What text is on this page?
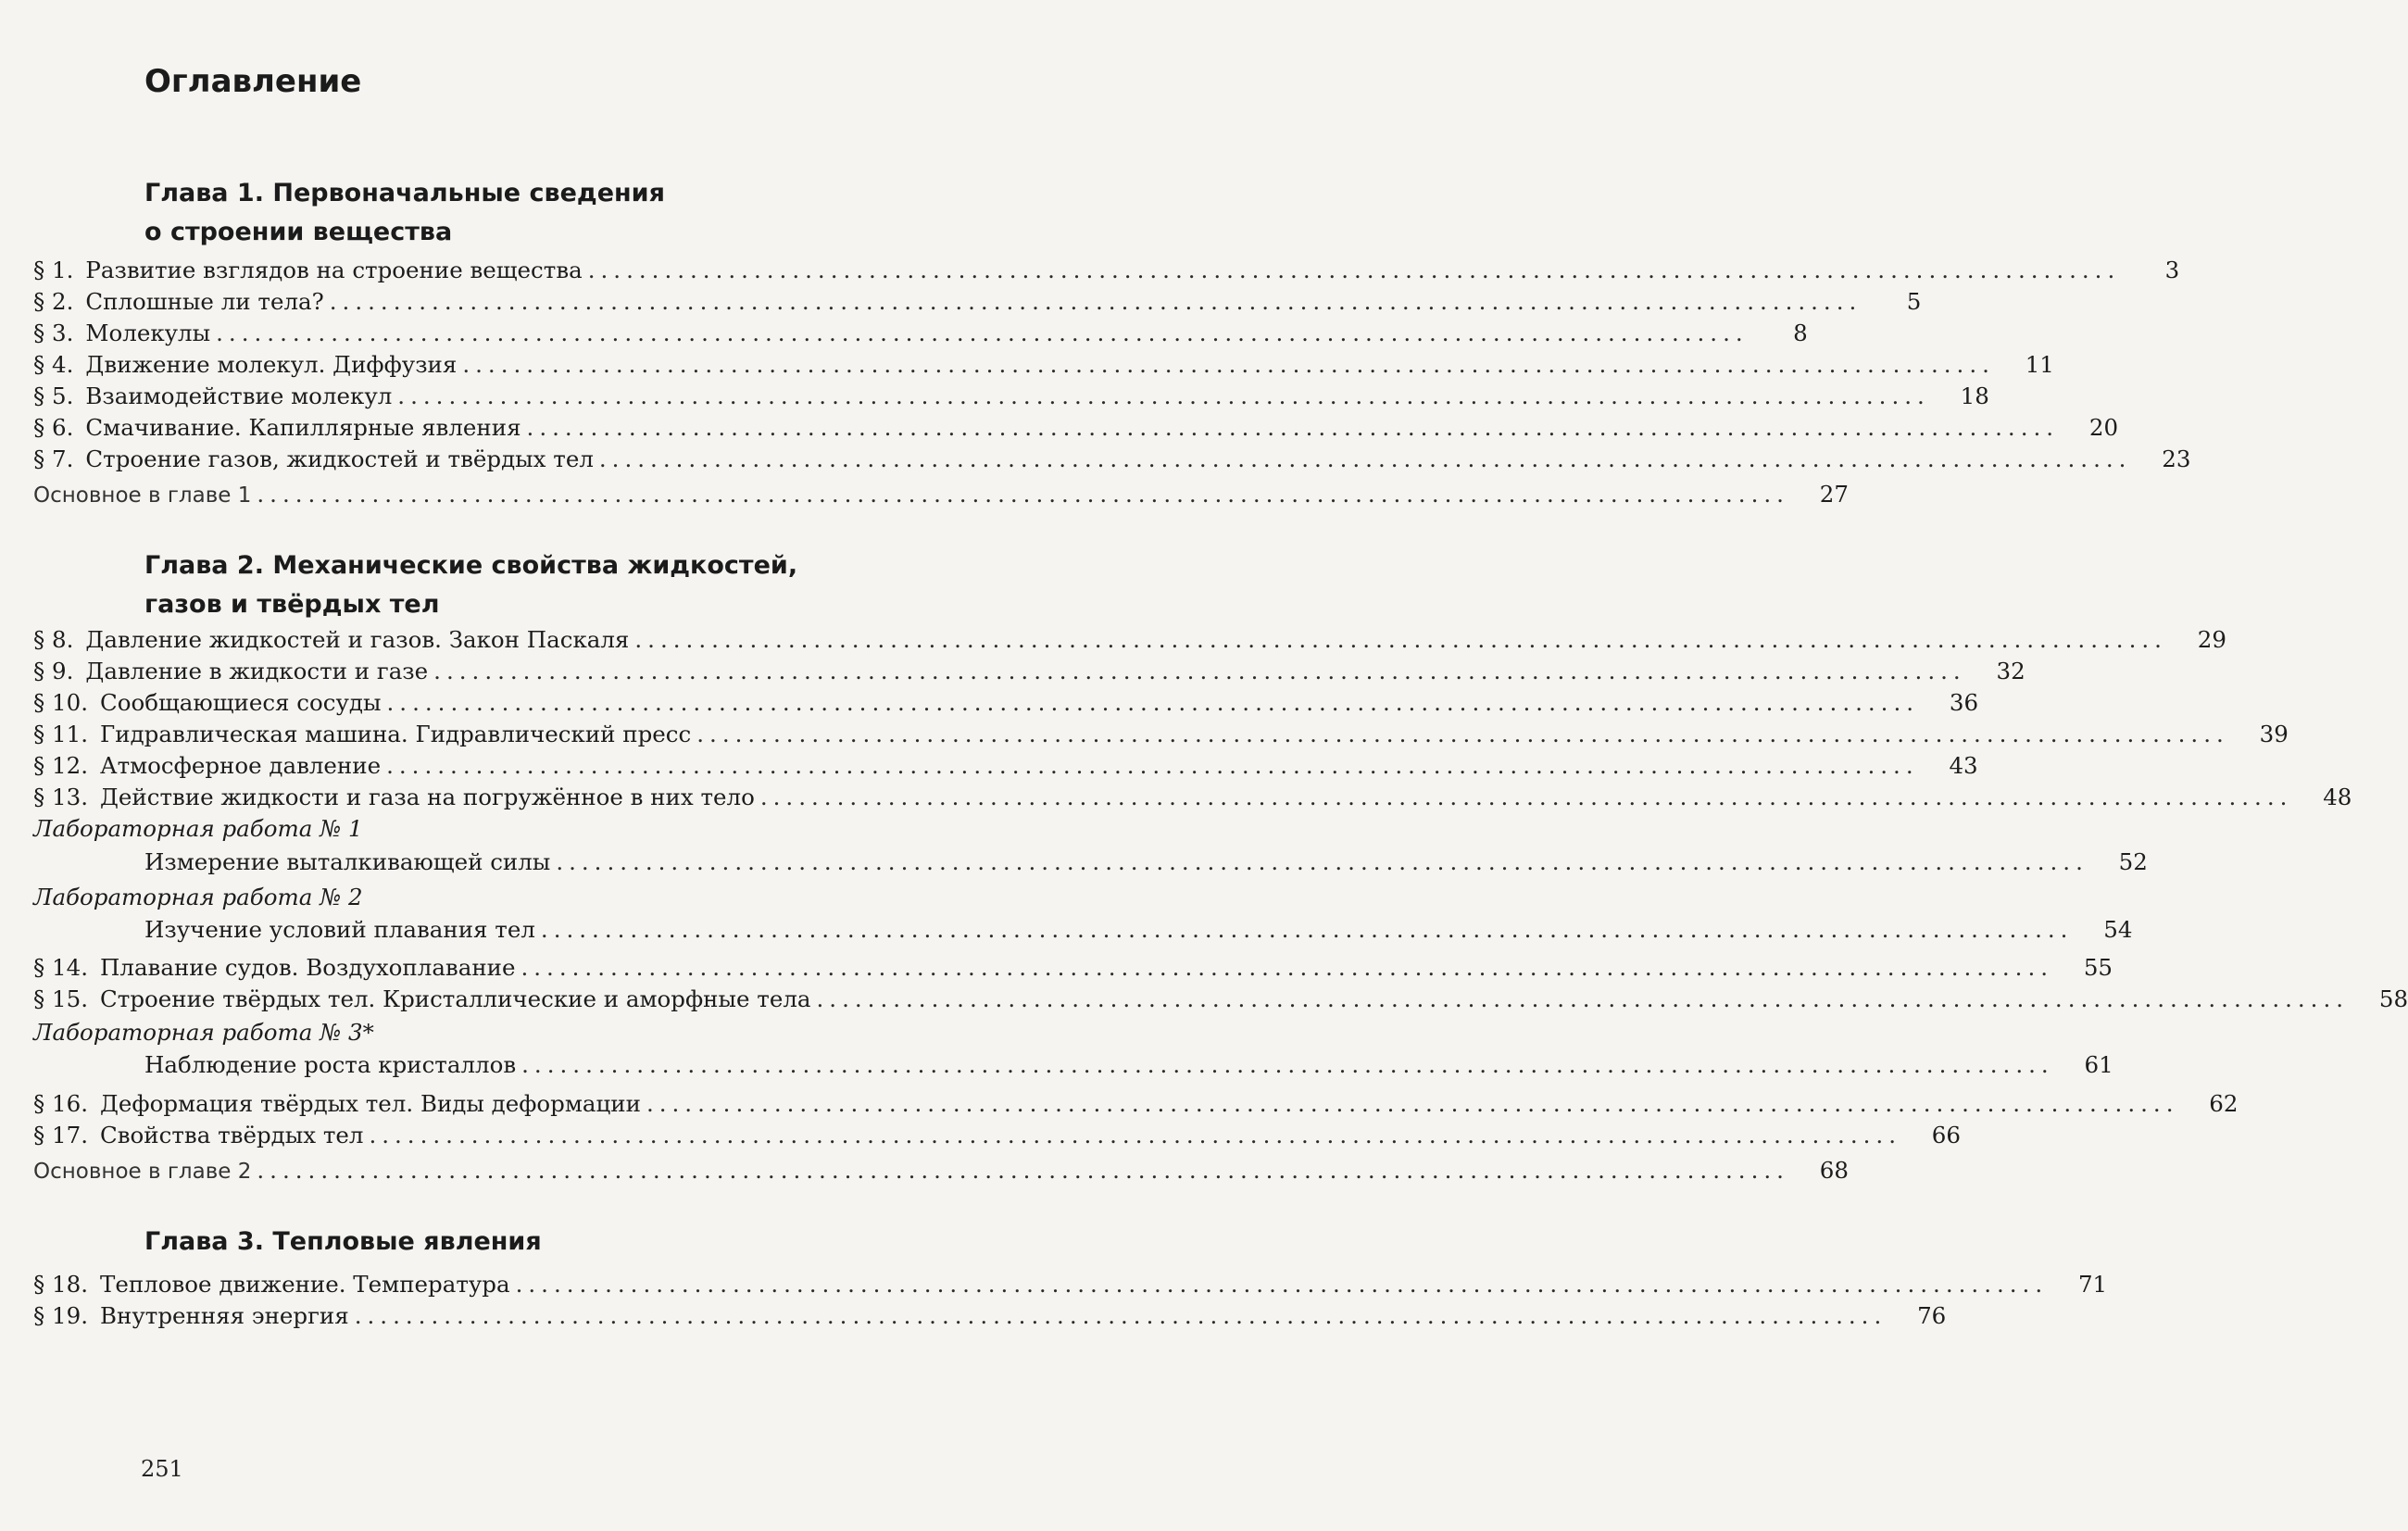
Оглавление
Глава 1. Первоначальные сведения
о строении вещества
§ 1. Развитие взглядов на строение вещества ........................................................................................................................	3
§ 2. Сплошные ли тела? ........................................................................................................................	5
§ 3. Молекулы ........................................................................................................................	8
§ 4. Движение молекул. Диффузия ........................................................................................................................	11
§ 5. Взаимодействие молекул ........................................................................................................................	18
§ 6. Смачивание. Капиллярные явления ........................................................................................................................	20
§ 7. Строение газов, жидкостей и твёрдых тел ........................................................................................................................	23
Основное в главе 1 ........................................................................................................................	27
Глава 2. Механические свойства жидкостей,
газов и твёрдых тел
§ 8. Давление жидкостей и газов. Закон Паскаля ........................................................................................................................	29
§ 9. Давление в жидкости и газе ........................................................................................................................	32
§ 10. Сообщающиеся сосуды ........................................................................................................................	36
§ 11. Гидравлическая машина. Гидравлический пресс ........................................................................................................................	39
§ 12. Атмосферное давление ........................................................................................................................	43
§ 13. Действие жидкости и газа на погружённое в них тело ........................................................................................................................	48
Лабораторная работа № 1
Измерение выталкивающей силы ........................................................................................................................	52
Лабораторная работа № 2
Изучение условий плавания тел ........................................................................................................................	54
§ 14. Плавание судов. Воздухоплавание ........................................................................................................................	55
§ 15. Строение твёрдых тел. Кристаллические и аморфные тела ........................................................................................................................	58
Лабораторная работа № 3*
Наблюдение роста кристаллов ........................................................................................................................	61
§ 16. Деформация твёрдых тел. Виды деформации ........................................................................................................................	62
§ 17. Свойства твёрдых тел ........................................................................................................................	66
Основное в главе 2 ........................................................................................................................	68
Глава 3. Тепловые явления
§ 18. Тепловое движение. Температура ........................................................................................................................	71
§ 19. Внутренняя энергия ........................................................................................................................	76
251
